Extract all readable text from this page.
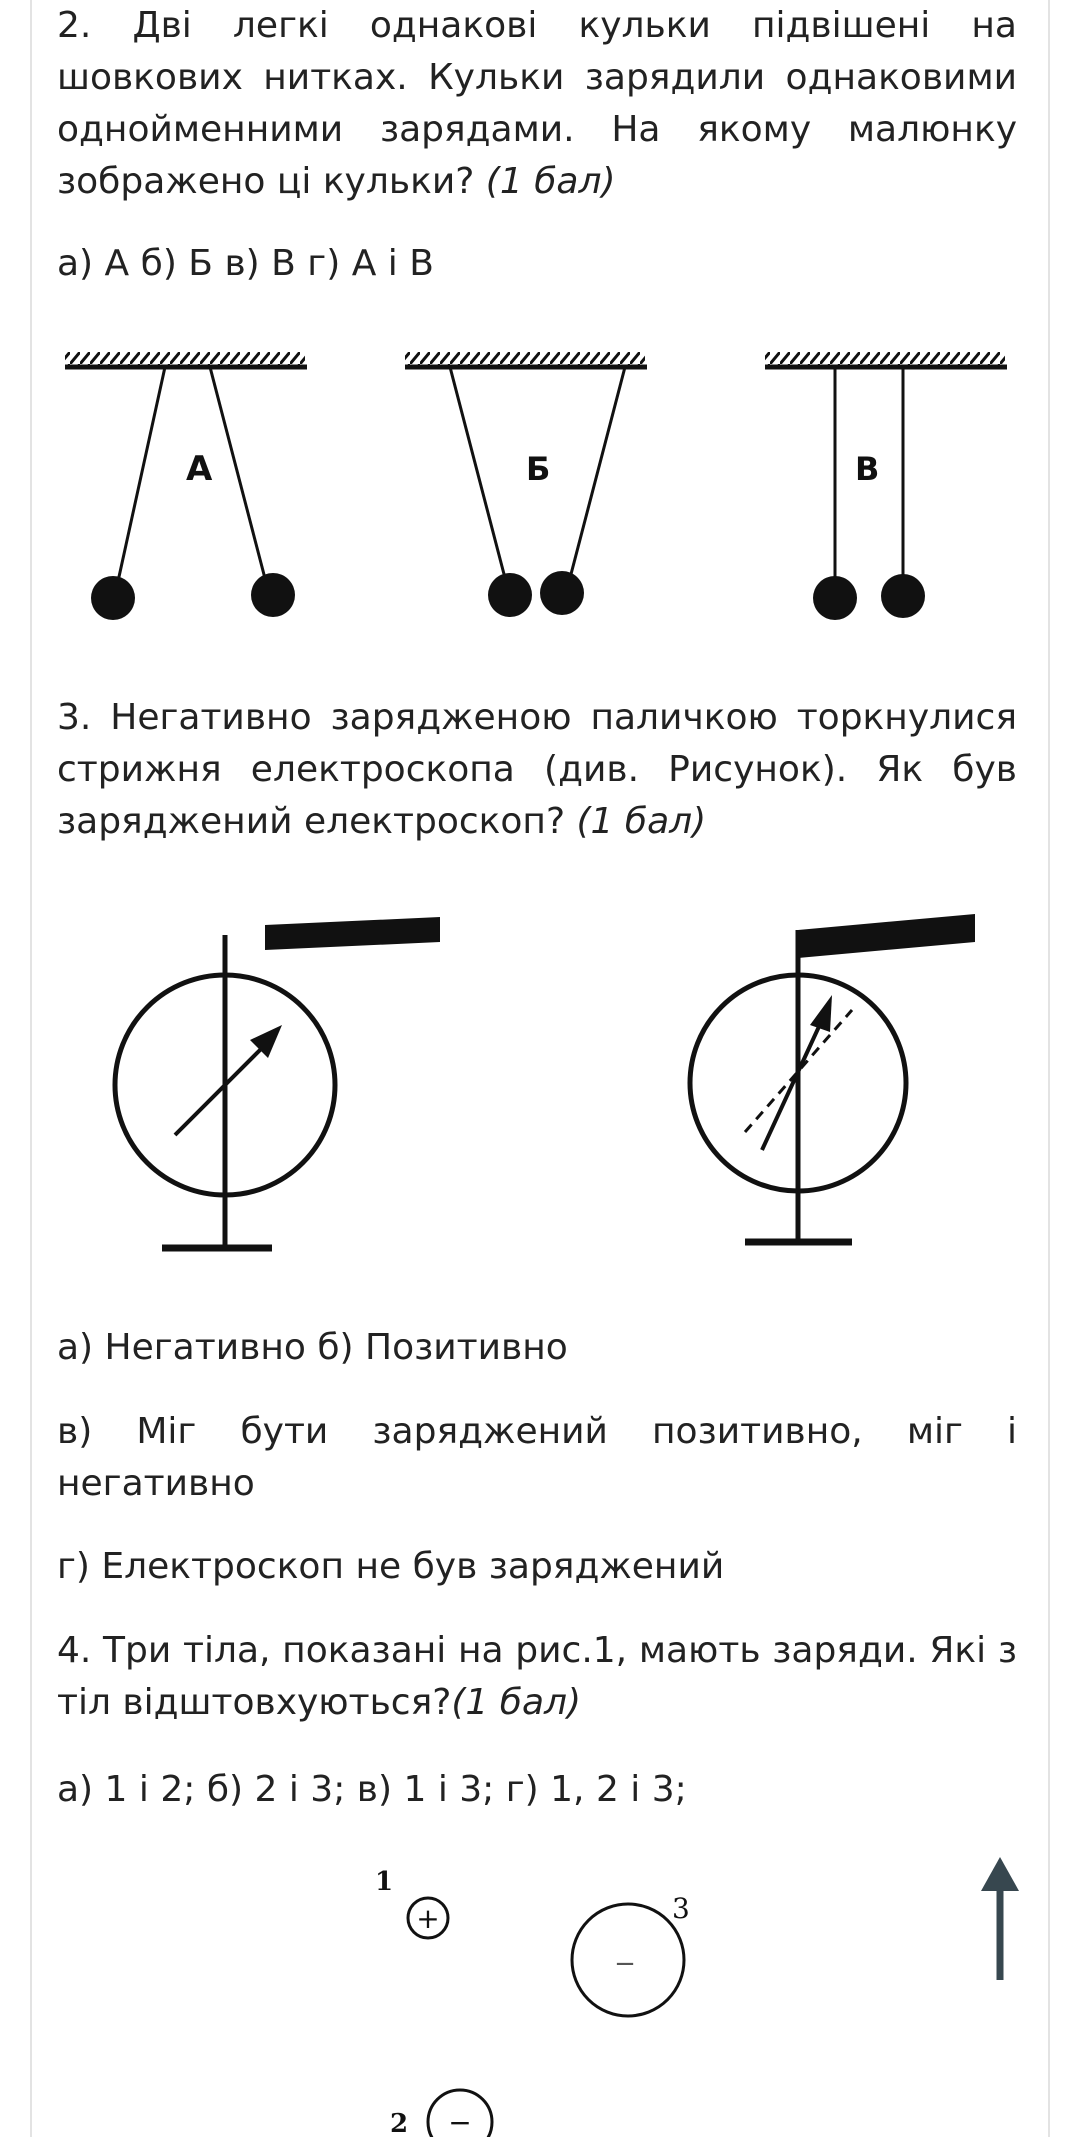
2. Дві легкі однакові кульки підвішені на
шовкових нитках. Кульки зарядили однаковими
однойменними зарядами. На якому малюнку
зображено ці кульки? (1 бал)
а) А б) Б в) В г) А і В
А	Б	В
3. Негативно зарядженою паличкою торкнулися
стрижня електроскопа (див. Рисунок). Як був
заряджений електроскоп? (1 бал)
а) Негативно б) Позитивно
в) Міг бути заряджений позитивно, міг і
негативно
г) Електроскоп не був заряджений
4. Три тіла, показані на рис.1, мають заряди. Які з
тіл відштовхуються?(1 бал)
а) 1 і 2; б) 2 і 3; в) 1 і 3; г) 1, 2 і 3;
1
+
−
3
2 −
